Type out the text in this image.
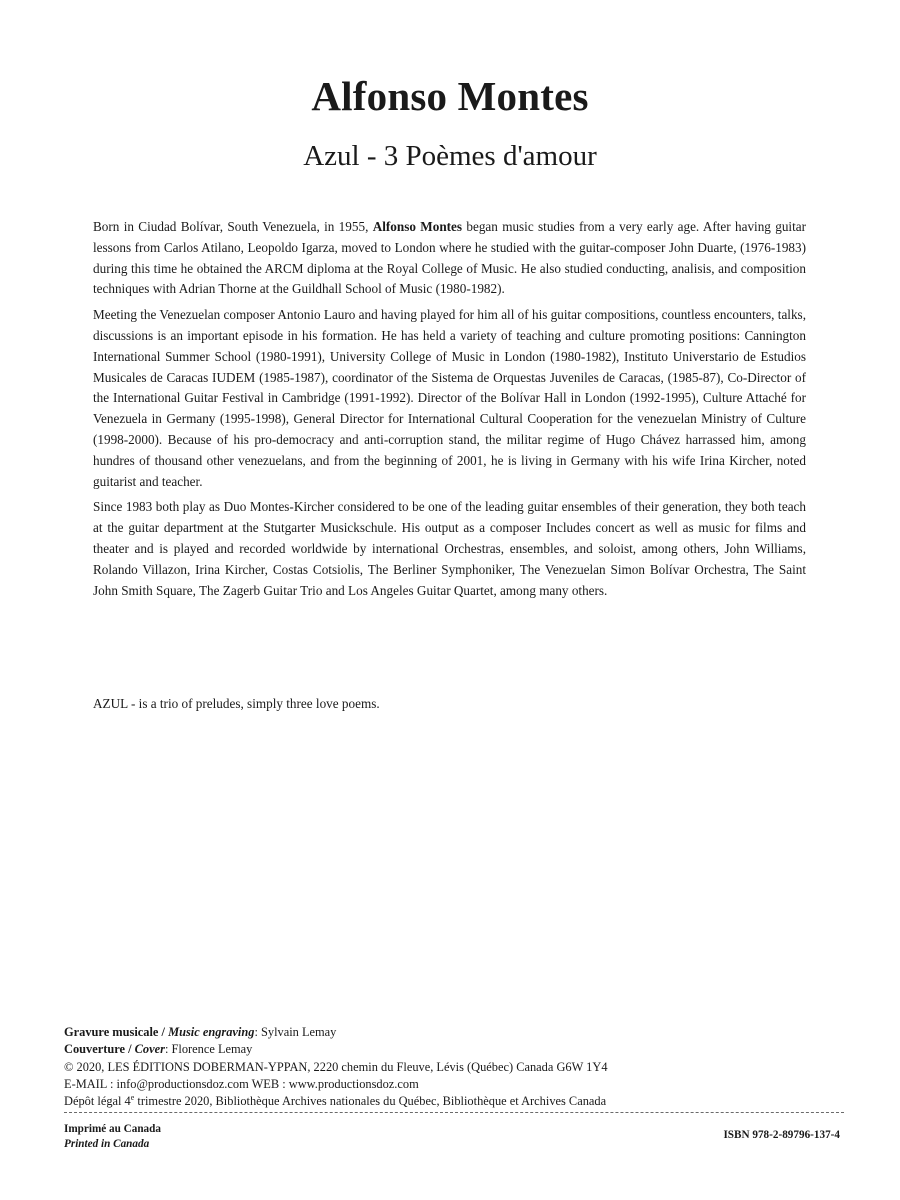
Alfonso Montes
Azul - 3 Poèmes d'amour

Born in Ciudad Bolívar, South Venezuela, in 1955, Alfonso Montes began music studies from a very early age. After having guitar lessons from Carlos Atilano, Leopoldo Igarza, moved to London where he studied with the guitar-composer John Duarte, (1976-1983) during this time he obtained the ARCM diploma at the Royal College of Music. He also studied conducting, analisis, and composition techniques with Adrian Thorne at the Guildhall School of Music (1980-1982).

Meeting the Venezuelan composer Antonio Lauro and having played for him all of his guitar compositions, countless encounters, talks, discussions is an important episode in his formation. He has held a variety of teaching and culture promoting positions: Cannington International Summer School (1980-1991), University College of Music in London (1980-1982), Instituto Universtario de Estudios Musicales de Caracas IUDEM (1985-1987), coordinator of the Sistema de Orquestas Juveniles de Caracas, (1985-87), Co-Director of the International Guitar Festival in Cambridge (1991-1992). Director of the Bolívar Hall in London (1992-1995), Culture Attaché for Venezuela in Germany (1995-1998), General Director for International Cultural Cooperation for the venezuelan Ministry of Culture (1998-2000). Because of his pro-democracy and anti-corruption stand, the militar regime of Hugo Chávez harrassed him, among hundres of thousand other venezuelans, and from the beginning of 2001, he is living in Germany with his wife Irina Kircher, noted guitarist and teacher.

Since 1983 both play as Duo Montes-Kircher considered to be one of the leading guitar ensembles of their generation, they both teach at the guitar department at the Stutgarter Musickschule. His output as a composer Includes concert as well as music for films and theater and is played and recorded worldwide by international Orchestras, ensembles, and soloist, among others, John Williams, Rolando Villazon, Irina Kircher, Costas Cotsiolis, The Berliner Symphoniker, The Venezuelan Simon Bolívar Orchestra, The Saint John Smith Square, The Zagerb Guitar Trio and Los Angeles Guitar Quartet, among many others.

AZUL - is a trio of preludes, simply three love poems.
Gravure musicale / Music engraving: Sylvain Lemay
Couverture / Cover: Florence Lemay
© 2020, LES ÉDITIONS DOBERMAN-YPPAN, 2220 chemin du Fleuve, Lévis (Québec) Canada G6W 1Y4
E-MAIL : info@productionsdoz.com WEB : www.productionsdoz.com
Dépôt légal 4e trimestre 2020, Bibliothèque Archives nationales du Québec, Bibliothèque et Archives Canada
Imprimé au Canada
Printed in Canada
ISBN 978-2-89796-137-4
